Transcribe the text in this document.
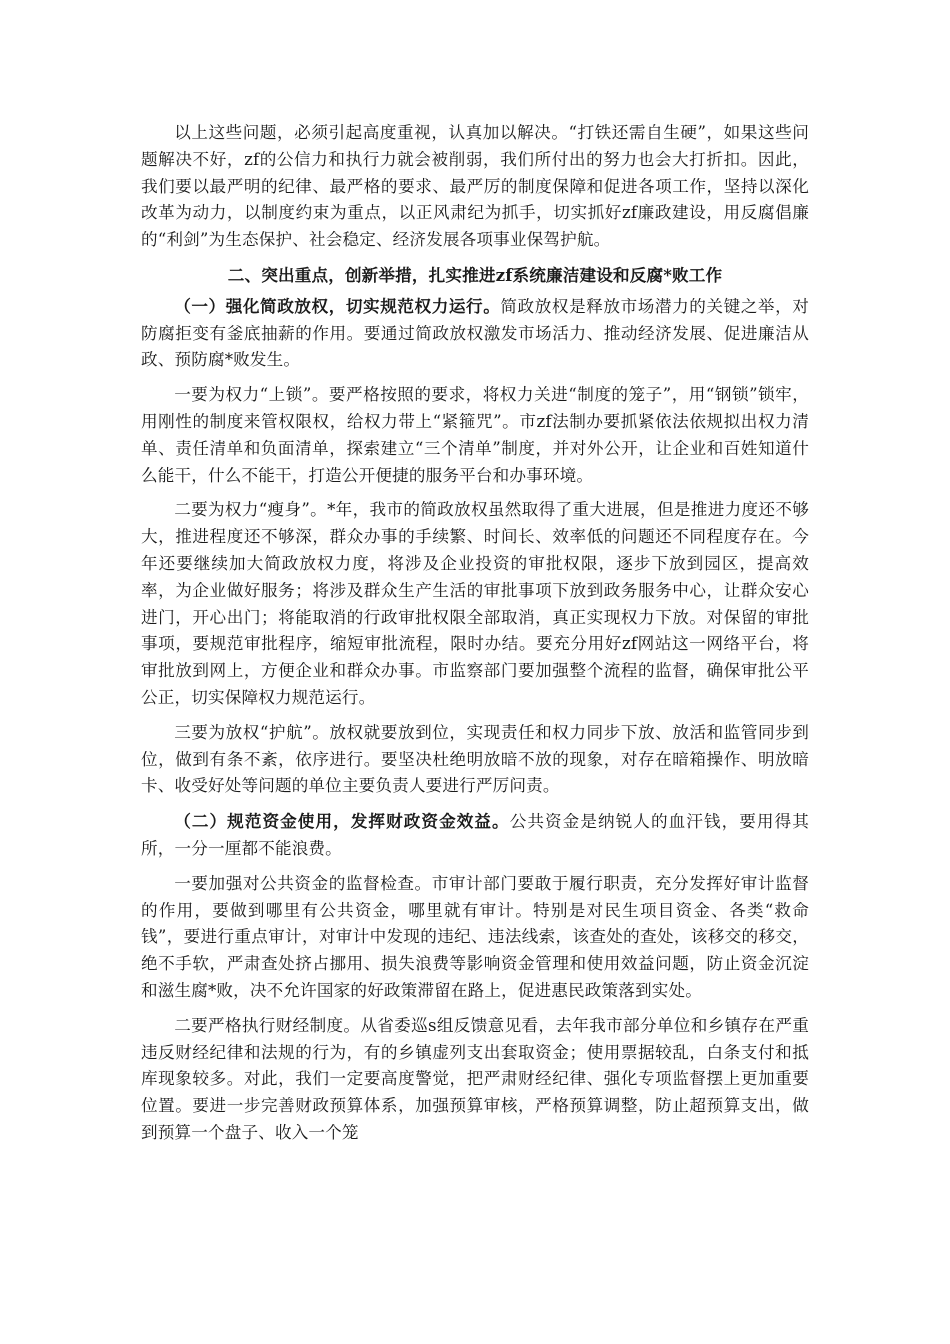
以上这些问题，必须引起高度重视，认真加以解决。“打铁还需自生硬”，如果这些问题解决不好，zf的公信力和执行力就会被削弱，我们所付出的努力也会大打折扣。因此，我们要以最严明的纪律、最严格的要求、最严厉的制度保障和促进各项工作，坚持以深化改革为动力，以制度约束为重点，以正风肃纪为抓手，切实抓好zf廉政建设，用反腐倡廉的“利剑”为生态保护、社会稳定、经济发展各项事业保驾护航。

二、突出重点，创新举措，扎实推进zf系统廉洁建设和反腐*败工作

（一）强化简政放权，切实规范权力运行。简政放权是释放市场潜力的关键之举，对防腐拒变有釜底抽薪的作用。要通过简政放权激发市场活力、推动经济发展、促进廉洁从政、预防腐*败发生。

一要为权力“上锁”。要严格按照的要求，将权力关进“制度的笼子”，用“钢锁”锁牢，用刚性的制度来管权限权，给权力带上“紧箍咒”。市zf法制办要抓紧依法依规拟出权力清单、责任清单和负面清单，探索建立“三个清单”制度，并对外公开，让企业和百姓知道什么能干，什么不能干，打造公开便捷的服务平台和办事环境。

二要为权力“瘦身”。*年，我市的简政放权虽然取得了重大进展，但是推进力度还不够大，推进程度还不够深，群众办事的手续繁、时间长、效率低的问题还不同程度存在。今年还要继续加大简政放权力度，将涉及企业投资的审批权限，逐步下放到园区，提高效率，为企业做好服务；将涉及群众生产生活的审批事项下放到政务服务中心，让群众安心进门，开心出门；将能取消的行政审批权限全部取消，真正实现权力下放。对保留的审批事项，要规范审批程序，缩短审批流程，限时办结。要充分用好zf网站这一网络平台，将审批放到网上，方便企业和群众办事。市监察部门要加强整个流程的监督，确保审批公平公正，切实保障权力规范运行。

三要为放权“护航”。放权就要放到位，实现责任和权力同步下放、放活和监管同步到位，做到有条不紊，依序进行。要坚决杜绝明放暗不放的现象，对存在暗箱操作、明放暗卡、收受好处等问题的单位主要负责人要进行严厉问责。

（二）规范资金使用，发挥财政资金效益。公共资金是纳锐人的血汗钱，要用得其所，一分一厘都不能浪费。

一要加强对公共资金的监督检查。市审计部门要敢于履行职责，充分发挥好审计监督的作用，要做到哪里有公共资金，哪里就有审计。特别是对民生项目资金、各类“救命钱”，要进行重点审计，对审计中发现的违纪、违法线索，该查处的查处，该移交的移交，绝不手软，严肃查处挤占挪用、损失浪费等影响资金管理和使用效益问题，防止资金沉淀和滋生腐*败，决不允许国家的好政策滞留在路上，促进惠民政策落到实处。

二要严格执行财经制度。从省委巡s组反馈意见看，去年我市部分单位和乡镇存在严重违反财经纪律和法规的行为，有的乡镇虚列支出套取资金；使用票据较乱，白条支付和抵库现象较多。对此，我们一定要高度警觉，把严肃财经纪律、强化专项监督摆上更加重要位置。要进一步完善财政预算体系，加强预算审核，严格预算调整，防止超预算支出，做到预算一个盘子、收入一个笼
